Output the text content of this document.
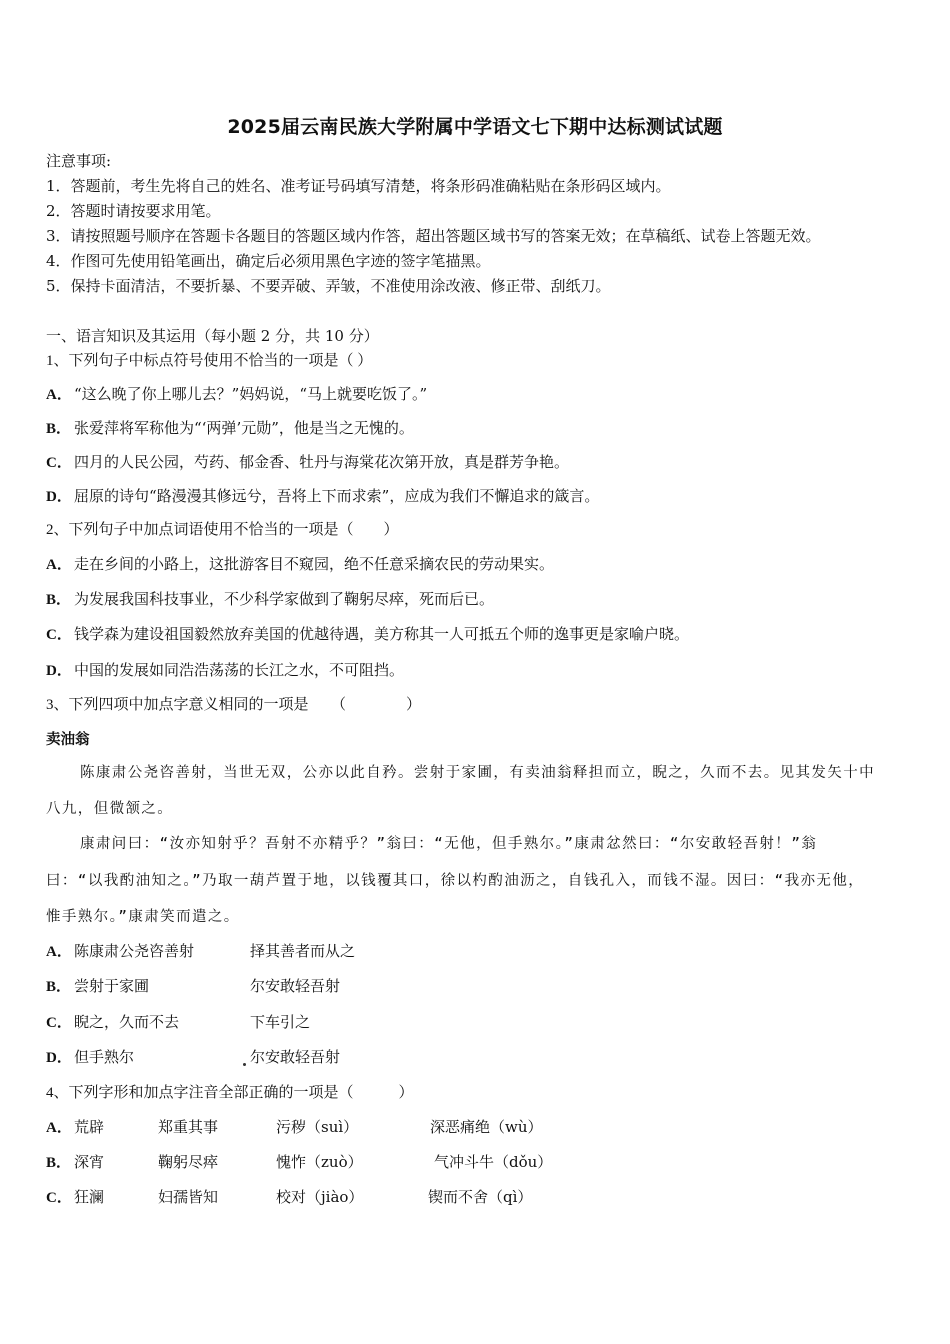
2025届云南民族大学附属中学语文七下期中达标测试试题
注意事项:
1．答题前，考生先将自己的姓名、准考证号码填写清楚，将条形码准确粘贴在条形码区域内。
2．答题时请按要求用笔。
3．请按照题号顺序在答题卡各题目的答题区域内作答，超出答题区域书写的答案无效；在草稿纸、试卷上答题无效。
4．作图可先使用铅笔画出，确定后必须用黑色字迹的签字笔描黑。
5．保持卡面清洁，不要折暴、不要弄破、弄皱，不准使用涂改液、修正带、刮纸刀。
一、语言知识及其运用（每小题 2 分，共 10 分）
1、下列句子中标点符号使用不恰当的一项是（ ）
A． “这么晚了你上哪儿去？”妈妈说，“马上就要吃饭了。”
B． 张爱萍将军称他为“‘两弹’元勋”，他是当之无愧的。
C． 四月的人民公园，芍药、郁金香、牡丹与海棠花次第开放，真是群芳争艳。
D． 屈原的诗句“路漫漫其修远兮，吾将上下而求索”，应成为我们不懈追求的箴言。
2、下列句子中加点词语使用不恰当的一项是（　　）
A． 走在乡间的小路上，这批游客目不窥园，绝不任意采摘农民的劳动果实。
B． 为发展我国科技事业，不少科学家做到了鞠躬尽瘁，死而后已。
C． 钱学森为建设祖国毅然放弃美国的优越待遇，美方称其一人可抵五个师的逸事更是家喻户晓。
D． 中国的发展如同浩浩荡荡的长江之水，不可阻挡。
3、下列四项中加点字意义相同的一项是　　（　　　　）
卖油翁
陈康肃公尧咨善射，当世无双，公亦以此自矜。尝射于家圃，有卖油翁释担而立，睨之，久而不去。见其发矢十中
八九，但微颔之。
康肃问曰：“汝亦知射乎？吾射不亦精乎？”翁曰：“无他，但手熟尔。”康肃忿然曰：“尔安敢轻吾射！”翁
曰：“以我酌油知之。”乃取一葫芦置于地，以钱覆其口，徐以杓酌油沥之，自钱孔入，而钱不湿。因曰：“我亦无他，
惟手熟尔。”康肃笑而遣之。
A． 陈康肃公尧咨善射	择其善者而从之
B． 尝射于家圃	尔安敢轻吾射
C． 睨之，久而不去	下车引之
D． 但手熟尔	尔安敢轻吾射
4、下列字形和加点字注音全部正确的一项是（　　　）
A． 荒辟	郑重其事	污秽（suì）	深恶痛绝（wù）
B． 深宵	鞠躬尽瘁	愧怍（zuò）	气冲斗牛（dǒu）
C． 狂澜	妇孺皆知	校对（jiào）	锲而不舍（qì）
